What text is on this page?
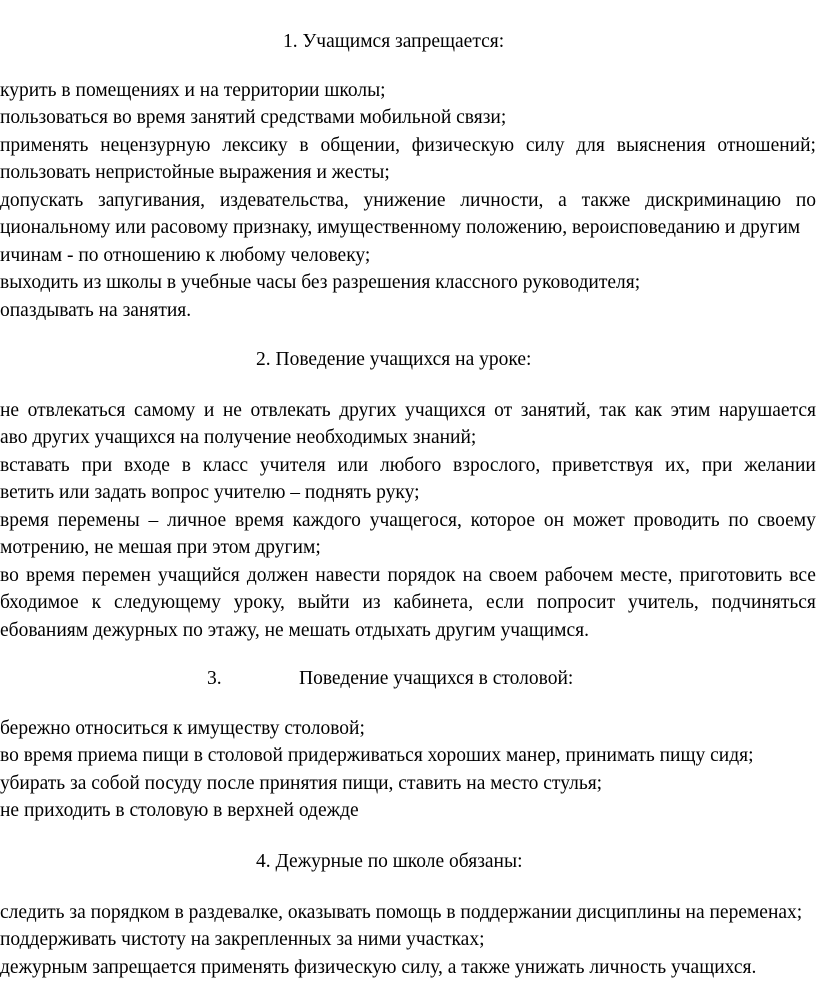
1. Учащимся запрещается:
курить в помещениях и на территории школы;
пользоваться во время занятий средствами мобильной связи;
применять нецензурную лексику в общении, физическую силу для выяснения отношений;
пользовать непристойные выражения и жесты;
допускать запугивания, издевательства, унижение личности, а также дискриминацию по
циональному или расовому признаку, имущественному положению, вероисповеданию и другим
ичинам - по отношению к любому человеку;
выходить из школы в учебные часы без разрешения классного руководителя;
опаздывать на занятия.
2. Поведение учащихся на уроке:
не отвлекаться самому и не отвлекать других учащихся от занятий, так как этим нарушается
аво других учащихся на получение необходимых знаний;
вставать при входе в класс учителя или любого взрослого, приветствуя их, при желании
ветить или задать вопрос учителю – поднять руку;
время перемены – личное время каждого учащегося, которое он может проводить по своему
мотрению, не мешая при этом другим;
во время перемен учащийся должен навести порядок на своем рабочем месте, приготовить все
бходимое к следующему уроку, выйти из кабинета, если попросит учитель, подчиняться
ебованиям дежурных по этажу, не мешать отдыхать другим учащимся.
3.	Поведение учащихся в столовой:
бережно относиться к имуществу столовой;
во время приема пищи в столовой придерживаться хороших манер, принимать пищу сидя;
убирать за собой посуду после принятия пищи, ставить на место стулья;
не приходить в столовую в верхней одежде
4. Дежурные по школе обязаны:
следить за порядком в раздевалке, оказывать помощь в поддержании дисциплины на переменах;
поддерживать чистоту на закрепленных за ними участках;
дежурным запрещается применять физическую силу, а также унижать личность учащихся.
